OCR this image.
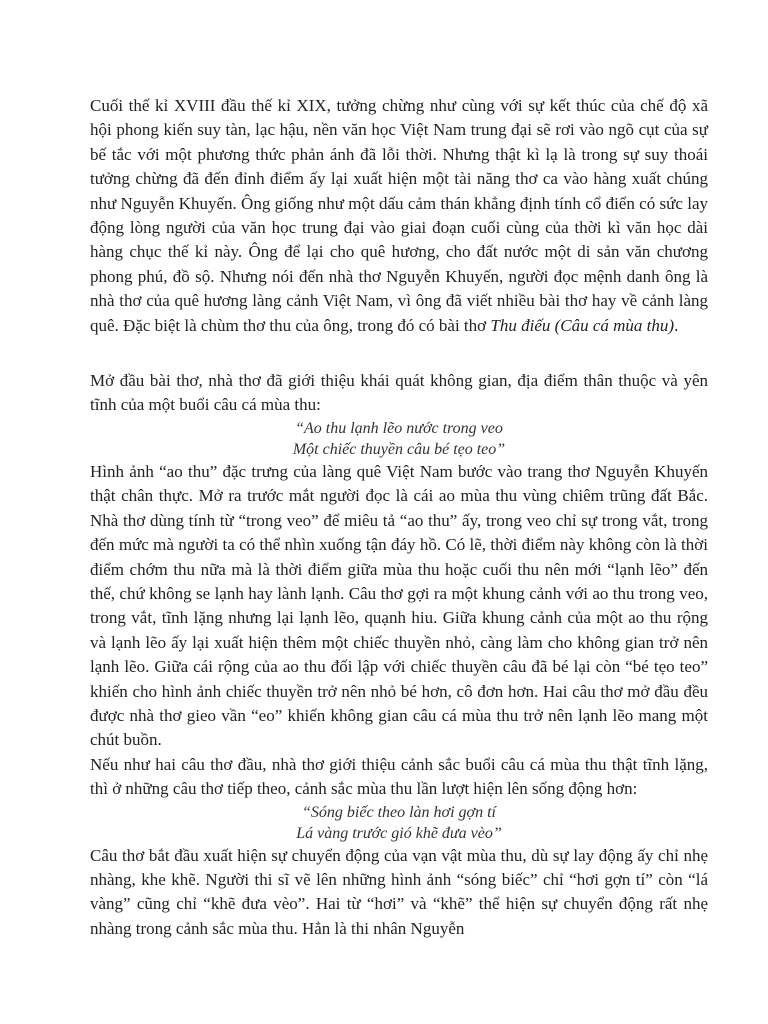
Cuối thế kỉ XVIII đầu thế kỉ XIX, tưởng chừng như cùng với sự kết thúc của chế độ xã hội phong kiến suy tàn, lạc hậu, nền văn học Việt Nam trung đại sẽ rơi vào ngõ cụt của sự bế tắc với một phương thức phản ánh đã lỗi thời. Nhưng thật kì lạ là trong sự suy thoái tưởng chừng đã đến đỉnh điểm ấy lại xuất hiện một tài năng thơ ca vào hàng xuất chúng như Nguyễn Khuyến. Ông giống như một dấu cảm thán khẳng định tính cổ điển có sức lay động lòng người của văn học trung đại vào giai đoạn cuối cùng của thời kì văn học dài hàng chục thế kỉ này. Ông để lại cho quê hương, cho đất nước một di sản văn chương phong phú, đồ sộ. Nhưng nói đến nhà thơ Nguyễn Khuyến, người đọc mệnh danh ông là nhà thơ của quê hương làng cảnh Việt Nam, vì ông đã viết nhiều bài thơ hay về cảnh làng quê. Đặc biệt là chùm thơ thu của ông, trong đó có bài thơ Thu điếu (Câu cá mùa thu).

Mở đầu bài thơ, nhà thơ đã giới thiệu khái quát không gian, địa điểm thân thuộc và yên tĩnh của một buổi câu cá mùa thu:

“Ao thu lạnh lẽo nước trong veo

Một chiếc thuyền câu bé tẹo teo”

Hình ảnh “ao thu” đặc trưng của làng quê Việt Nam bước vào trang thơ Nguyễn Khuyến thật chân thực. Mở ra trước mắt người đọc là cái ao mùa thu vùng chiêm trũng đất Bắc. Nhà thơ dùng tính từ “trong veo” để miêu tả “ao thu” ấy, trong veo chỉ sự trong vắt, trong đến mức mà người ta có thể nhìn xuống tận đáy hồ. Có lẽ, thời điểm này không còn là thời điểm chớm thu nữa mà là thời điểm giữa mùa thu hoặc cuối thu nên mới “lạnh lẽo” đến thế, chứ không se lạnh hay lành lạnh. Câu thơ gợi ra một khung cảnh với ao thu trong veo, trong vắt, tĩnh lặng nhưng lại lạnh lẽo, quạnh hiu. Giữa khung cảnh của một ao thu rộng và lạnh lẽo ấy lại xuất hiện thêm một chiếc thuyền nhỏ, càng làm cho không gian trở nên lạnh lẽo. Giữa cái rộng của ao thu đối lập với chiếc thuyền câu đã bé lại còn “bé tẹo teo” khiến cho hình ảnh chiếc thuyền trở nên nhỏ bé hơn, cô đơn hơn. Hai câu thơ mở đầu đều được nhà thơ gieo vần “eo” khiến không gian câu cá mùa thu trở nên lạnh lẽo mang một chút buồn.

Nếu như hai câu thơ đầu, nhà thơ giới thiệu cảnh sắc buổi câu cá mùa thu thật tĩnh lặng, thì ở những câu thơ tiếp theo, cảnh sắc mùa thu lần lượt hiện lên sống động hơn:

“Sóng biếc theo làn hơi gợn tí

Lá vàng trước gió khẽ đưa vèo”

Câu thơ bắt đầu xuất hiện sự chuyển động của vạn vật mùa thu, dù sự lay động ấy chỉ nhẹ nhàng, khe khẽ. Người thi sĩ vẽ lên những hình ảnh “sóng biếc” chỉ “hơi gợn tí” còn “lá vàng” cũng chỉ “khẽ đưa vèo”. Hai từ “hơi” và “khẽ” thể hiện sự chuyển động rất nhẹ nhàng trong cảnh sắc mùa thu. Hẳn là thi nhân Nguyễn
